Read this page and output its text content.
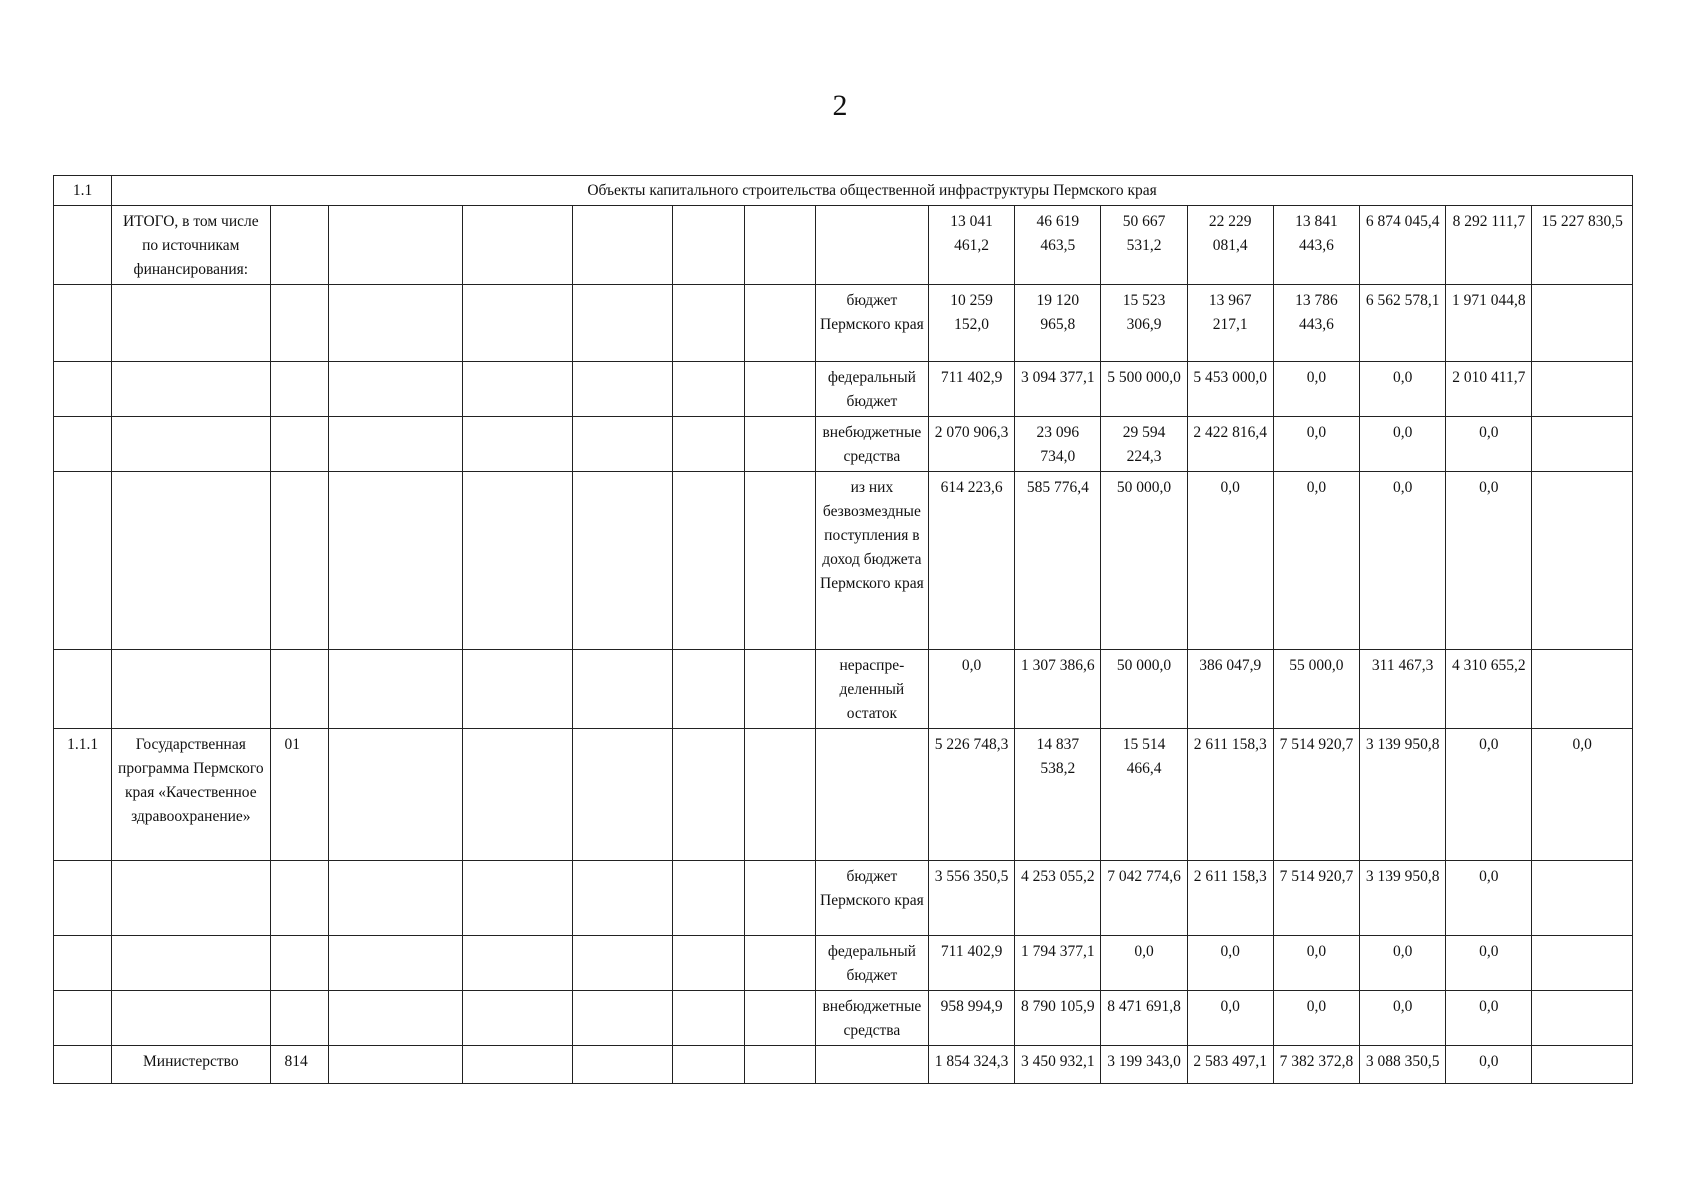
2
1.1	Объекты капитального строительства общественной инфраструктуры Пермского края															
	ИТОГО, в том числе по источникам финансирования:								13 041 461,2	46 619 463,5	50 667 531,2	22 229 081,4	13 841 443,6	6 874 045,4	8 292 111,7	15 227 830,5
								бюджет Пермского края	10 259 152,0	19 120 965,8	15 523 306,9	13 967 217,1	13 786 443,6	6 562 578,1	1 971 044,8	
								федеральный бюджет	711 402,9	3 094 377,1	5 500 000,0	5 453 000,0	0,0	0,0	2 010 411,7	
								внебюджетные средства	2 070 906,3	23 096 734,0	29 594 224,3	2 422 816,4	0,0	0,0	0,0	
								из них безвозмездные поступления в доход бюджета Пермского края	614 223,6	585 776,4	50 000,0	0,0	0,0	0,0	0,0	
								нераспре-деленный остаток	0,0	1 307 386,6	50 000,0	386 047,9	55 000,0	311 467,3	4 310 655,2	
1.1.1	Государственная программа Пермского края «Качественное здравоохранение»	01							5 226 748,3	14 837 538,2	15 514 466,4	2 611 158,3	7 514 920,7	3 139 950,8	0,0	0,0
								бюджет Пермского края	3 556 350,5	4 253 055,2	7 042 774,6	2 611 158,3	7 514 920,7	3 139 950,8	0,0	
								федеральный бюджет	711 402,9	1 794 377,1	0,0	0,0	0,0	0,0	0,0	
								внебюджетные средства	958 994,9	8 790 105,9	8 471 691,8	0,0	0,0	0,0	0,0	
	Министерство	814							1 854 324,3	3 450 932,1	3 199 343,0	2 583 497,1	7 382 372,8	3 088 350,5	0,0	
